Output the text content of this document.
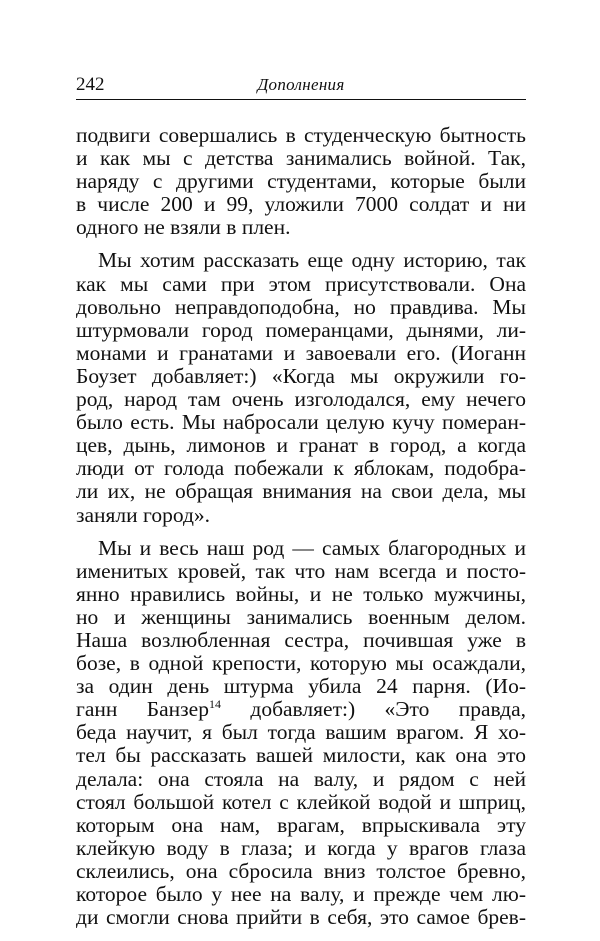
242	Дополнения
подвиги совершались в студенческую бытность
и как мы с детства занимались войной. Так,
наряду с другими студентами, которые были
в числе 200 и 99, уложили 7000 солдат и ни
одного не взяли в плен.
Мы хотим рассказать еще одну историю, так
как мы сами при этом присутствовали. Она
довольно неправдоподобна, но правдива. Мы
штурмовали город померанцами, дынями, ли-
монами и гранатами и завоевали его. (Иоганн
Боузет добавляет:) «Когда мы окружили го-
род, народ там очень изголодался, ему нечего
было есть. Мы набросали целую кучу померан-
цев, дынь, лимонов и гранат в город, а когда
люди от голода побежали к яблокам, подобра-
ли их, не обращая внимания на свои дела, мы
заняли город».
Мы и весь наш род — самых благородных и
именитых кровей, так что нам всегда и посто-
янно нравились войны, и не только мужчины,
но и женщины занимались военным делом.
Наша возлюбленная сестра, почившая уже в
бозе, в одной крепости, которую мы осаждали,
за один день штурма убила 24 парня. (Ио-
ганн Банзер$^{14}$ добавляет:) «Это правда,
беда научит, я был тогда вашим врагом. Я хо-
тел бы рассказать вашей милости, как она это
делала: она стояла на валу, и рядом с ней
стоял большой котел с клейкой водой и шприц,
которым она нам, врагам, впрыскивала эту
клейкую воду в глаза; и когда у врагов глаза
склеились, она сбросила вниз толстое бревно,
которое было у нее на валу, и прежде чем лю-
ди смогли снова прийти в себя, это самое брев-
